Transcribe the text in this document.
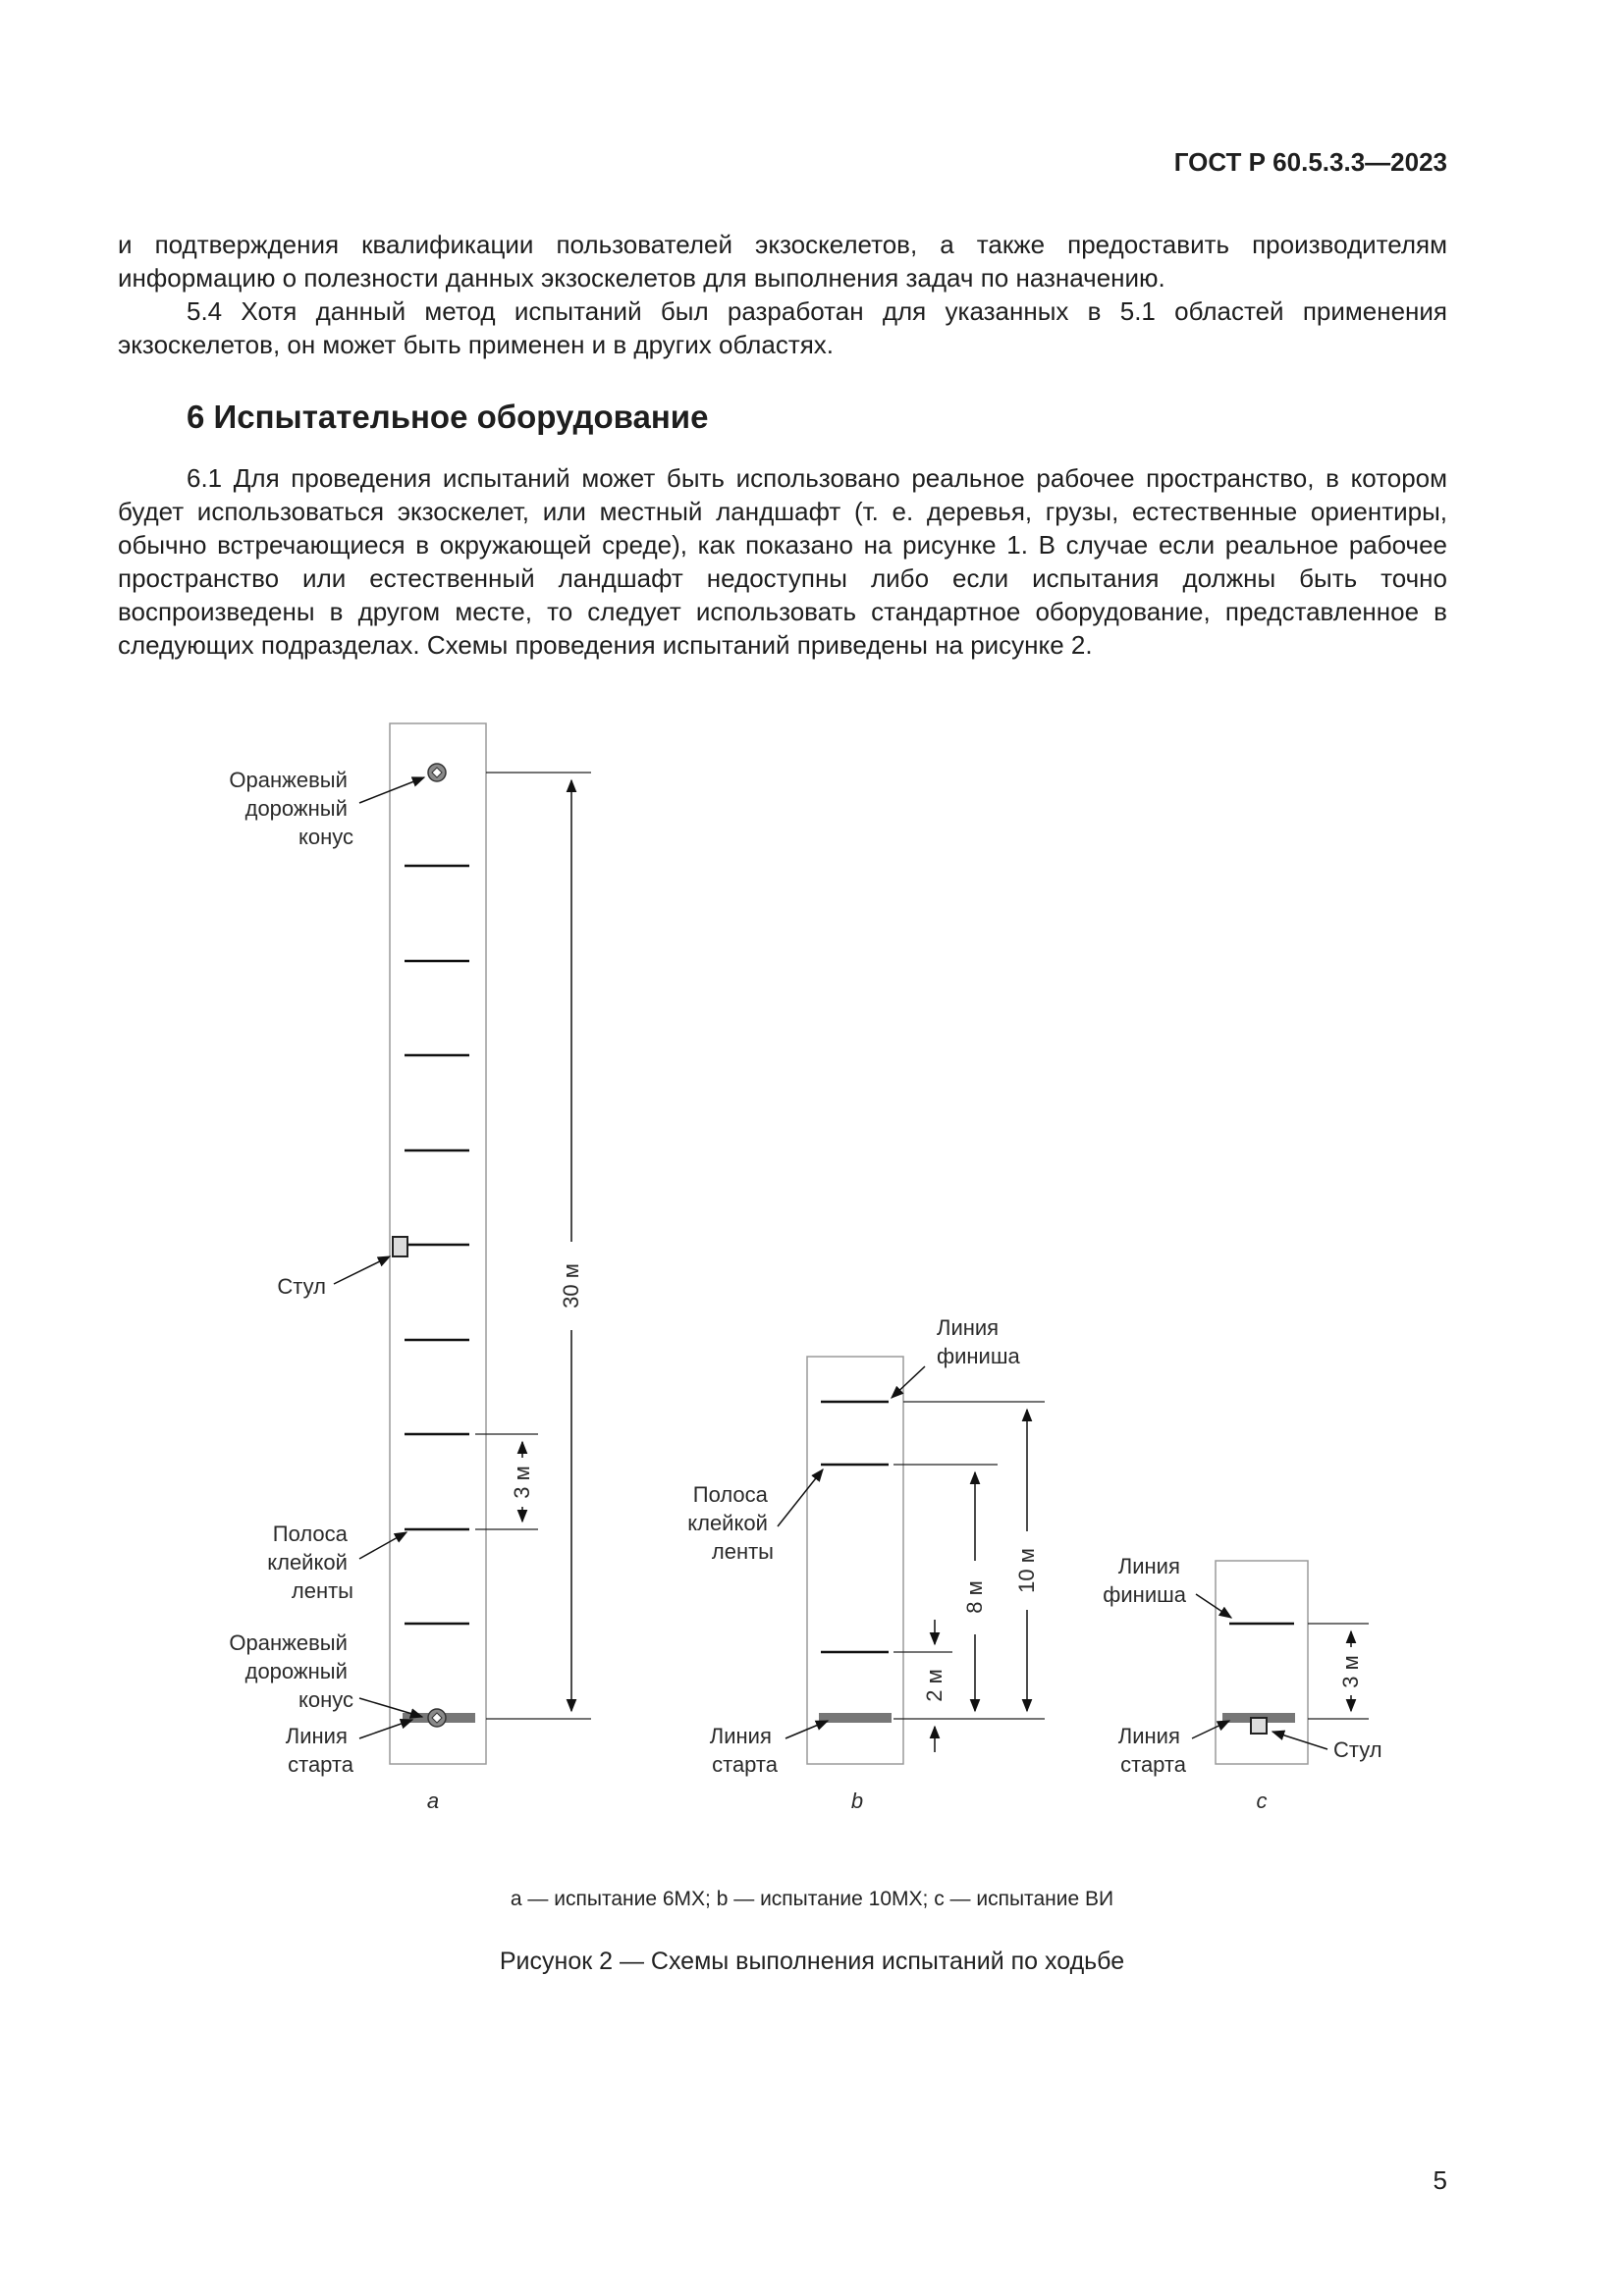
ГОСТ Р 60.5.3.3—2023

и подтверждения квалификации пользователей экзоскелетов, а также предоставить производителям информацию о полезности данных экзоскелетов для выполнения задач по назначению.

5.4 Хотя данный метод испытаний был разработан для указанных в 5.1 областей применения экзоскелетов, он может быть применен и в других областях.

6 Испытательное оборудование

6.1 Для проведения испытаний может быть использовано реальное рабочее пространство, в котором будет использоваться экзоскелет, или местный ландшафт (т. е. деревья, грузы, естественные ориентиры, обычно встречающиеся в окружающей среде), как показано на рисунке 1. В случае если реальное рабочее пространство или естественный ландшафт недоступны либо если испытания должны быть точно воспроизведены в другом месте, то следует использовать стандартное оборудование, представленное в следующих подразделах. Схемы проведения испытаний приведены на рисунке 2.

30 м
3 м
Оранжевый дорожный конус
Стул
Полоса клейкой ленты
Оранжевый дорожный конус
Линия старта
a
10 м
8 м
2 м
Линия финиша
Полоса клейкой ленты
Линия старта
b
3 м
Линия финиша
Линия старта
Стул
c
a — испытание 6MX; b — испытание 10MX; c — испытание ВИ
Рисунок 2 — Схемы выполнения испытаний по ходьбе
5
